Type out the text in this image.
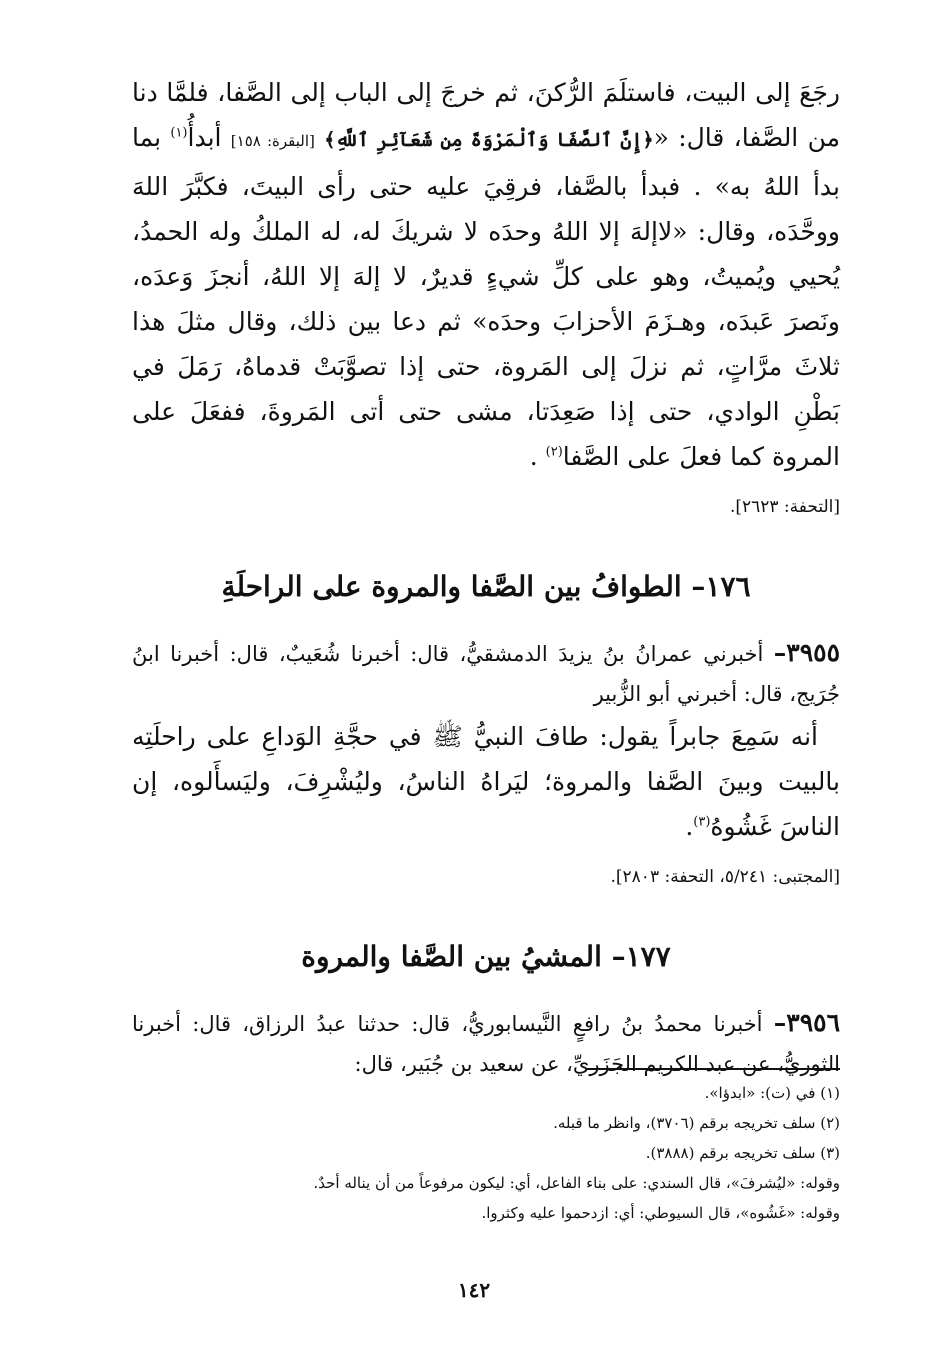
رجَعَ إلى البيت، فاستلَمَ الرُّكنَ، ثم خرجَ إلى الباب إلى الصَّفا، فلمَّا دنا من الصَّفا، قال: «﴿إِنَّ ٱلصَّفَا وَٱلْمَرْوَةَ مِن شَعَآئِرِ ٱللَّهِ﴾ [البقرة: ١٥٨] أبدأُ$^{(١)}$ بما بدأ اللهُ به» . فبدأ بالصَّفا، فرقِيَ عليه حتى رأى البيتَ، فكبَّرَ اللهَ ووحَّدَه، وقال: «لاإلهَ إلا اللهُ وحدَه لا شريكَ له، له الملكُ وله الحمدُ، يُحيي ويُميتُ، وهو على كلِّ شيءٍ قديرٌ، لا إلهَ إلا اللهُ، أنجزَ وَعدَه، ونَصرَ عَبدَه، وهـزَمَ الأحزابَ وحدَه» ثم دعا بين ذلك، وقال مثلَ هذا ثلاثَ مرَّاتٍ، ثم نزلَ إلى المَروة، حتى إذا تصوَّبَتْ قدماهُ، رَمَلَ في بَطْنِ الوادي، حتى إذا صَعِدَتا، مشى حتى أتى المَروةَ، ففعَلَ على المروة كما فعلَ على الصَّفا$^{(٢)}$ .

[التحفة: ٢٦٢٣].

١٧٦– الطوافُ بين الصَّفا والمروة على الراحلَةِ

٣٩٥٥– أخبرني عمرانُ بنُ يزيدَ الدمشقيُّ، قال: أخبرنا شُعَيبٌ، قال: أخبرنا ابنُ جُرَيج، قال: أخبرني أبو الزُّبير

أنه سَمِعَ جابراً يقول: طافَ النبيُّ ﷺ في حجَّةِ الوَداعِ على راحلَتِه بالبيت وبينَ الصَّفا والمروة؛ ليَراهُ الناسُ، وليُشْرِفَ، وليَسأَلوه، إن الناسَ غَشُوهُ$^{(٣)}$.

[المجتبى: ٥/٢٤١، التحفة: ٢٨٠٣].

١٧٧– المشيُ بين الصَّفا والمروة

٣٩٥٦– أخبرنا محمدُ بنُ رافعٍ النَّيسابوريُّ، قال: حدثنا عبدُ الرزاق، قال: أخبرنا الثوريُّ، عن عبد الكريم الجَزَريِّ، عن سعيد بن جُبَير، قال:

(١) في (ت): «ابدؤا».

(٢) سلف تخريجه برقم (٣٧٠٦)، وانظر ما قبله.

(٣) سلف تخريجه برقم (٣٨٨٨).

وقوله: «ليُشرفَ»، قال السندي: على بناء الفاعل، أي: ليكون مرفوعاً من أن يناله أحدٌ.

وقوله: «غَشُوه»، قال السيوطي: أي: ازدحموا عليه وكثروا.

١٤٢
